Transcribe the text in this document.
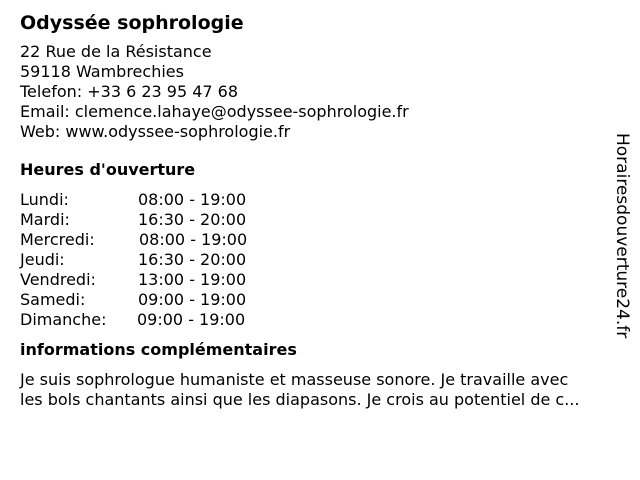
Odyssée sophrologie
22 Rue de la Résistance
59118 Wambrechies
Telefon: +33 6 23 95 47 68
Email: clemence.lahaye@odyssee-sophrologie.fr
Web: www.odyssee-sophrologie.fr
Heures d'ouverture
Lundi:	08:00 - 19:00
Mardi:	16:30 - 20:00
Mercredi:	08:00 - 19:00
Jeudi:	16:30 - 20:00
Vendredi:	13:00 - 19:00
Samedi:	09:00 - 19:00
Dimanche: 09:00 - 19:00
informations complémentaires
Je suis sophrologue humaniste et masseuse sonore. Je travaille avec
les bols chantants ainsi que les diapasons. Je crois au potentiel de c...
Horairesdouverture24.fr
